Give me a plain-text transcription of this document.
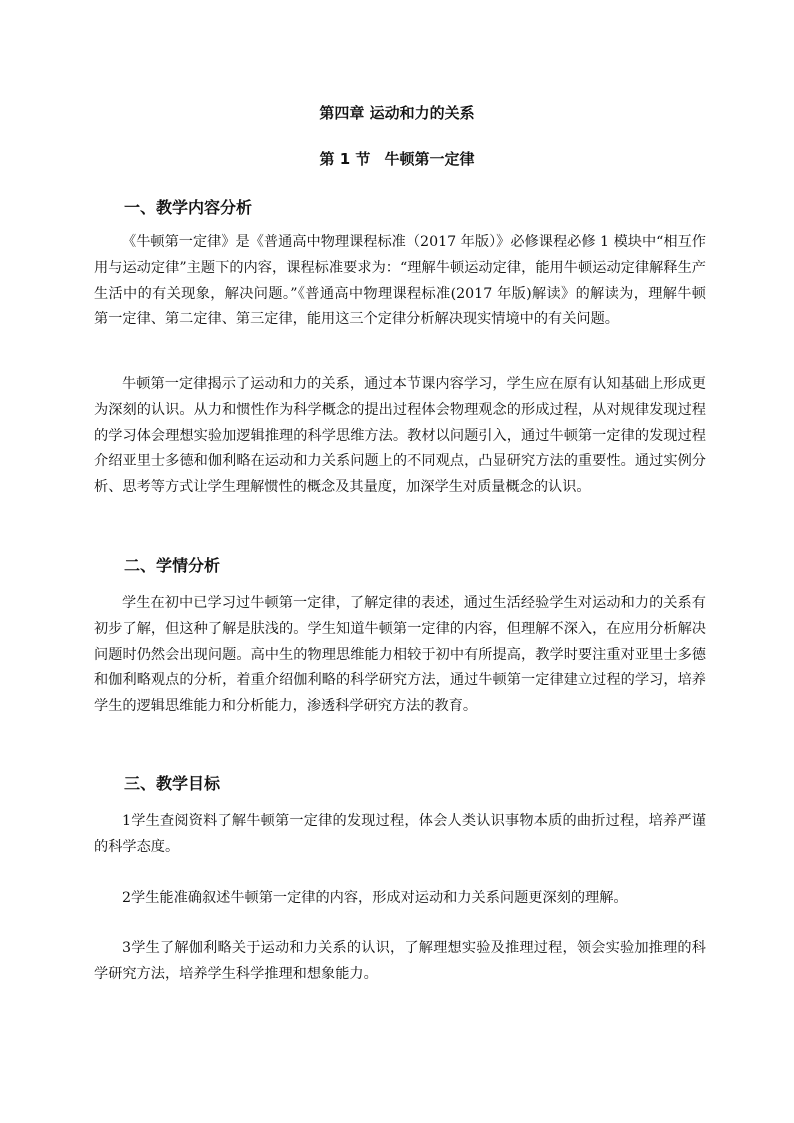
第四章 运动和力的关系
第 1 节 牛顿第一定律
一、教学内容分析

《牛顿第一定律》是《普通高中物理课程标准（2017 年版）》必修课程必修 1 模块中“相互作用与运动定律”主题下的内容，课程标准要求为：“理解牛顿运动定律，能用牛顿运动定律解释生产生活中的有关现象，解决问题。”《普通高中物理课程标准(2017 年版)解读》的解读为，理解牛顿第一定律、第二定律、第三定律，能用这三个定律分析解决现实情境中的有关问题。

牛顿第一定律揭示了运动和力的关系，通过本节课内容学习，学生应在原有认知基础上形成更为深刻的认识。从力和惯性作为科学概念的提出过程体会物理观念的形成过程，从对规律发现过程的学习体会理想实验加逻辑推理的科学思维方法。教材以问题引入，通过牛顿第一定律的发现过程介绍亚里士多德和伽利略在运动和力关系问题上的不同观点，凸显研究方法的重要性。通过实例分析、思考等方式让学生理解惯性的概念及其量度，加深学生对质量概念的认识。

二、学情分析

学生在初中已学习过牛顿第一定律，了解定律的表述，通过生活经验学生对运动和力的关系有初步了解，但这种了解是肤浅的。学生知道牛顿第一定律的内容，但理解不深入，在应用分析解决问题时仍然会出现问题。高中生的物理思维能力相较于初中有所提高，教学时要注重对亚里士多德和伽利略观点的分析，着重介绍伽利略的科学研究方法，通过牛顿第一定律建立过程的学习，培养学生的逻辑思维能力和分析能力，渗透科学研究方法的教育。

三、教学目标

1学生查阅资料了解牛顿第一定律的发现过程，体会人类认识事物本质的曲折过程，培养严谨的科学态度。

2学生能准确叙述牛顿第一定律的内容，形成对运动和力关系问题更深刻的理解。

3学生了解伽利略关于运动和力关系的认识，了解理想实验及推理过程，领会实验加推理的科学研究方法，培养学生科学推理和想象能力。
